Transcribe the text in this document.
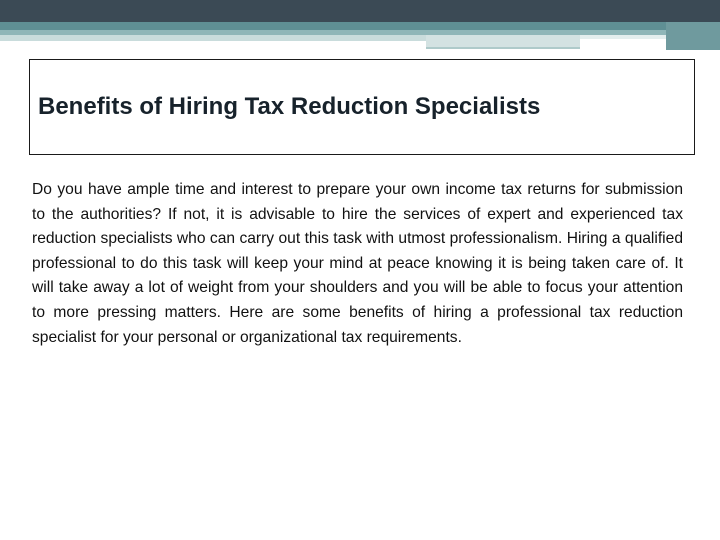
Benefits of Hiring Tax Reduction Specialists

Do you have ample time and interest to prepare your own income tax returns for submission to the authorities? If not, it is advisable to hire the services of expert and experienced tax reduction specialists who can carry out this task with utmost professionalism. Hiring a qualified professional to do this task will keep your mind at peace knowing it is being taken care of. It will take away a lot of weight from your shoulders and you will be able to focus your attention to more pressing matters. Here are some benefits of hiring a professional tax reduction specialist for your personal or organizational tax requirements.
